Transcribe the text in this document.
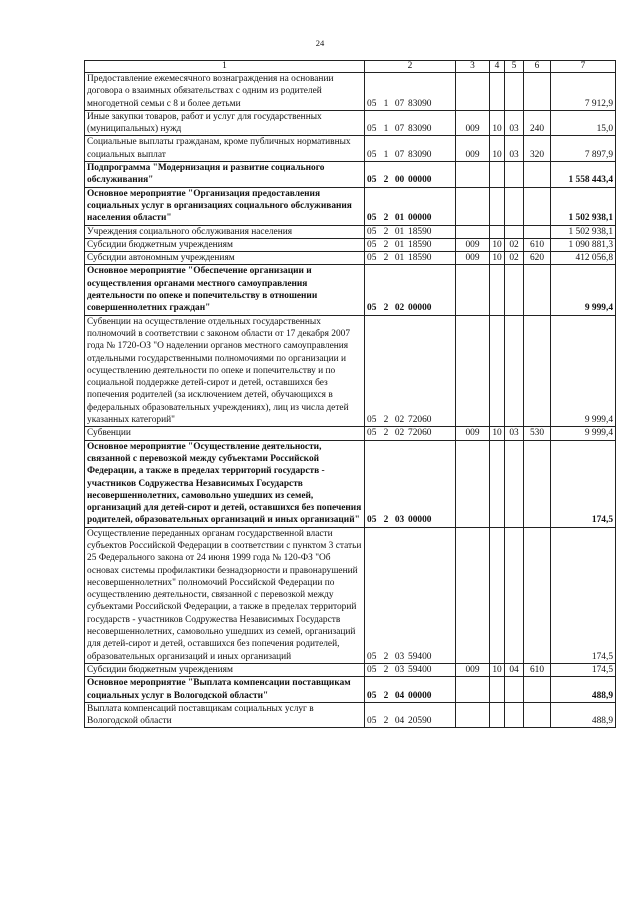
24
1	2	3	4	5	6	7
Предоставление ежемесячного вознаграждения на основании договора о взаимных обязательствах с одним из родителей многодетной семьи с 8 и более детьми	05 1 07 83090					7 912,9
Иные закупки товаров, работ и услуг для государственных (муниципальных) нужд	05 1 07 83090	009	10	03	240	15,0
Социальные выплаты гражданам, кроме публичных нормативных социальных выплат	05 1 07 83090	009	10	03	320	7 897,9
Подпрограмма "Модернизация и развитие социального обслуживания"	05 2 00 00000					1 558 443,4
Основное мероприятие "Организация предоставления социальных услуг в организациях социального обслуживания населения области"	05 2 01 00000					1 502 938,1
Учреждения социального обслуживания населения	05 2 01 18590					1 502 938,1
Субсидии бюджетным учреждениям	05 2 01 18590	009	10	02	610	1 090 881,3
Субсидии автономным учреждениям	05 2 01 18590	009	10	02	620	412 056,8
Основное мероприятие "Обеспечение организации и осуществления органами местного самоуправления деятельности по опеке и попечительству в отношении совершеннолетних граждан"	05 2 02 00000					9 999,4
Субвенции на осуществление отдельных государственных полномочий в соответствии с законом области от 17 декабря 2007 года № 1720-ОЗ "О наделении органов местного самоуправления отдельными государственными полномочиями по организации и осуществлению деятельности по опеке и попечительству и по социальной поддержке детей-сирот и детей, оставшихся без попечения родителей (за исключением детей, обучающихся в федеральных образовательных учреждениях), лиц из числа детей указанных категорий"	05 2 02 72060					9 999,4
Субвенции	05 2 02 72060	009	10	03	530	9 999,4
Основное мероприятие "Осуществление деятельности, связанной с перевозкой между субъектами Российской Федерации, а также в пределах территорий государств - участников Содружества Независимых Государств несовершеннолетних, самовольно ушедших из семей, организаций для детей-сирот и детей, оставшихся без попечения родителей, образовательных организаций и иных организаций"	05 2 03 00000					174,5
Осуществление переданных органам государственной власти субъектов Российской Федерации в соответствии с пунктом 3 статьи 25 Федерального закона от 24 июня 1999 года № 120-ФЗ "Об основах системы профилактики безнадзорности и правонарушений несовершеннолетних" полномочий Российской Федерации по осуществлению деятельности, связанной с перевозкой между субъектами Российской Федерации, а также в пределах территорий государств - участников Содружества Независимых Государств несовершеннолетних, самовольно ушедших из семей, организаций для детей-сирот и детей, оставшихся без попечения родителей, образовательных организаций и иных организаций	05 2 03 59400					174,5
Субсидии бюджетным учреждениям	05 2 03 59400	009	10	04	610	174,5
Основное мероприятие "Выплата компенсации поставщикам социальных услуг в Вологодской области"	05 2 04 00000					488,9
Выплата компенсаций поставщикам социальных услуг в Вологодской области	05 2 04 20590					488,9
